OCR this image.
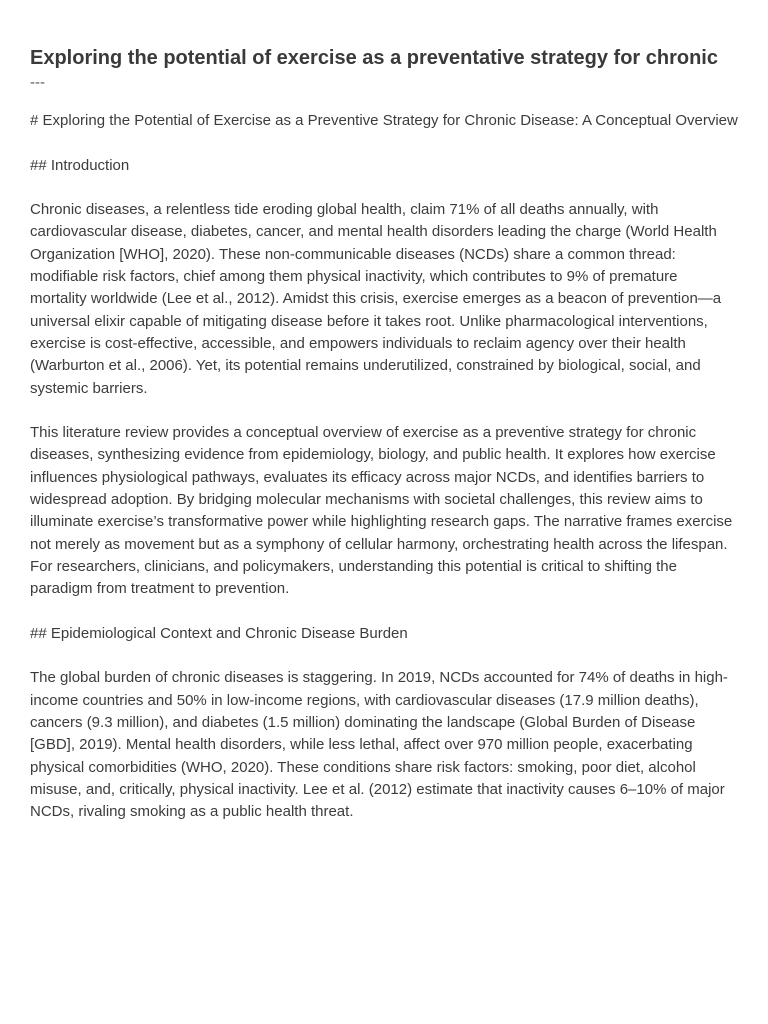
Exploring the potential of exercise as a preventative strategy for chronic
---

# Exploring the Potential of Exercise as a Preventive Strategy for Chronic Disease: A Conceptual Overview

## Introduction

Chronic diseases, a relentless tide eroding global health, claim 71% of all deaths annually, with cardiovascular disease, diabetes, cancer, and mental health disorders leading the charge (World Health Organization [WHO], 2020). These non-communicable diseases (NCDs) share a common thread: modifiable risk factors, chief among them physical inactivity, which contributes to 9% of premature mortality worldwide (Lee et al., 2012). Amidst this crisis, exercise emerges as a beacon of prevention—a universal elixir capable of mitigating disease before it takes root. Unlike pharmacological interventions, exercise is cost-effective, accessible, and empowers individuals to reclaim agency over their health (Warburton et al., 2006). Yet, its potential remains underutilized, constrained by biological, social, and systemic barriers.

This literature review provides a conceptual overview of exercise as a preventive strategy for chronic diseases, synthesizing evidence from epidemiology, biology, and public health. It explores how exercise influences physiological pathways, evaluates its efficacy across major NCDs, and identifies barriers to widespread adoption. By bridging molecular mechanisms with societal challenges, this review aims to illuminate exercise’s transformative power while highlighting research gaps. The narrative frames exercise not merely as movement but as a symphony of cellular harmony, orchestrating health across the lifespan. For researchers, clinicians, and policymakers, understanding this potential is critical to shifting the paradigm from treatment to prevention.

## Epidemiological Context and Chronic Disease Burden

The global burden of chronic diseases is staggering. In 2019, NCDs accounted for 74% of deaths in high-income countries and 50% in low-income regions, with cardiovascular diseases (17.9 million deaths), cancers (9.3 million), and diabetes (1.5 million) dominating the landscape (Global Burden of Disease [GBD], 2019). Mental health disorders, while less lethal, affect over 970 million people, exacerbating physical comorbidities (WHO, 2020). These conditions share risk factors: smoking, poor diet, alcohol misuse, and, critically, physical inactivity. Lee et al. (2012) estimate that inactivity causes 6–10% of major NCDs, rivaling smoking as a public health threat.
